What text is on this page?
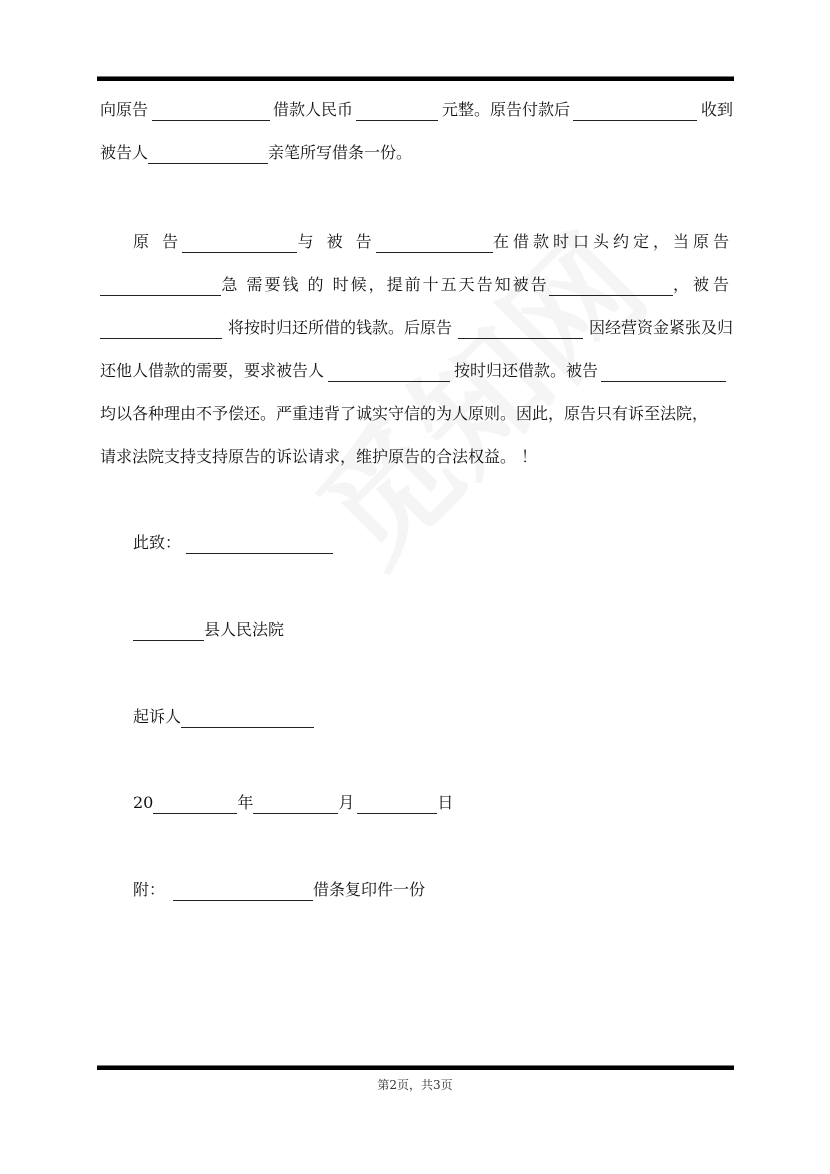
向原告	借款人民币	元整。原告付款后	收到
被告人	亲笔所写借条一份。
原 告	与 被 告	在借款时口头约定，当原告
急 需要钱 的 时候，提前十五天告知被告	，被告
将按时归还所借的钱款。后原告	因经营资金紧张及归
还他人借款的需要，要求被告人	按时归还借款。被告
均以各种理由不予偿还。严重违背了诚实守信的为人原则。因此，原告只有诉至法院，
请求法院支持支持原告的诉讼请求，维护原告的合法权益。 ！
此致：
县人民法院
起诉人
20	年	月	日
附：	借条复印件一份
第2页，共3页
